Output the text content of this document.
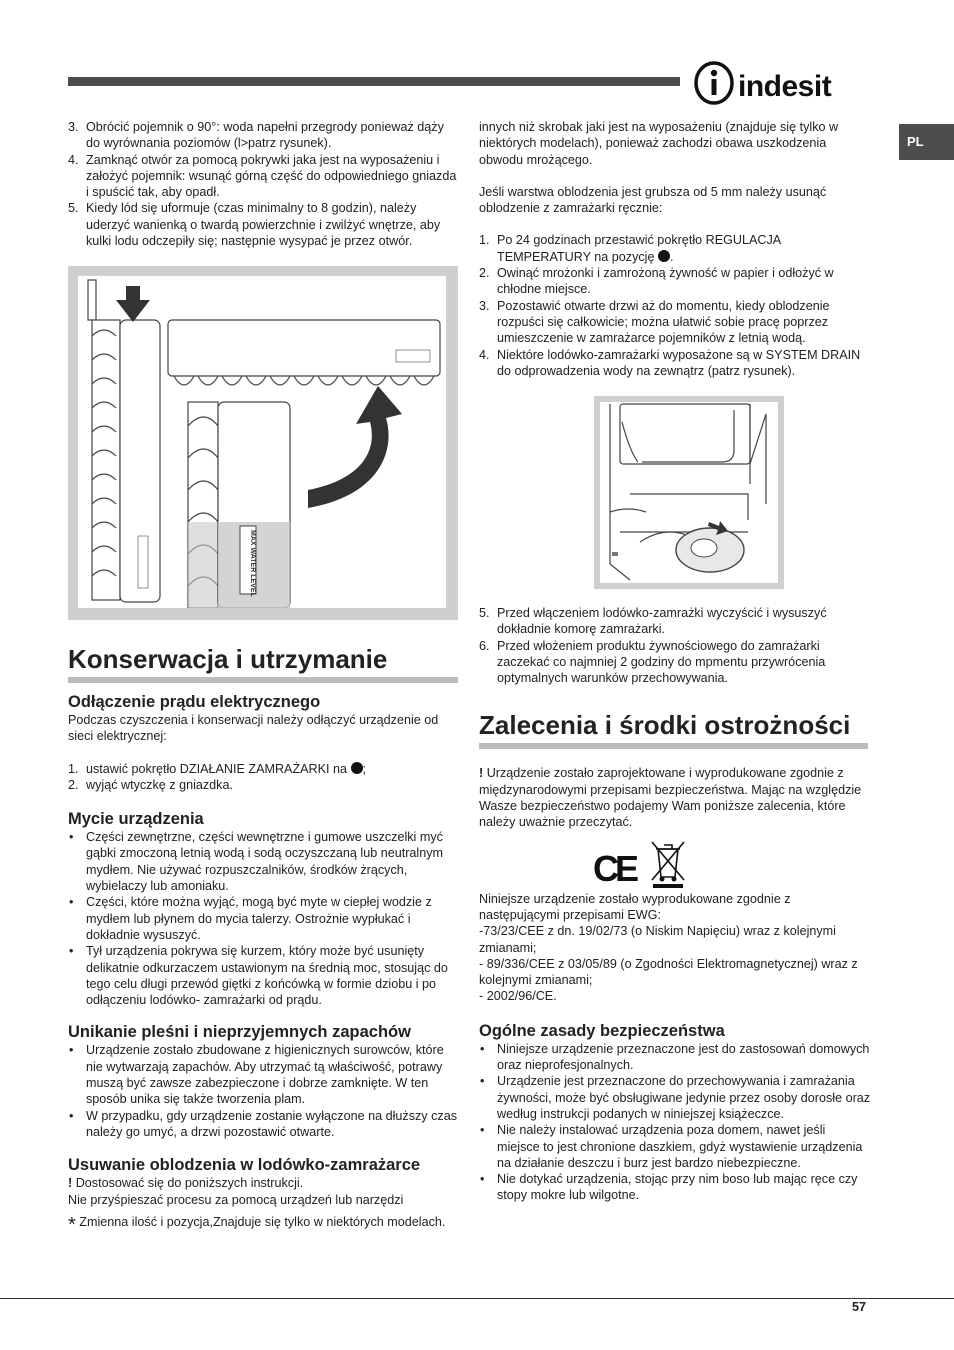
indesit
PL
3. Obrócić pojemnik o 90°: woda napełni przegrody ponieważ dąży do wyrównania poziomów (l>patrz rysunek).
4. Zamknąć otwór za pomocą pokrywki jaka jest na wyposażeniu i założyć pojemnik: wsunąć górną część do odpowiedniego gniazda i spuścić tak, aby opadł.
5. Kiedy lód się uformuje (czas minimalny to 8 godzin), należy uderzyć wanienką o twardą powierzchnie i zwilżyć wnętrze, aby kulki lodu odczepiły się; następnie wysypać je przez otwór.
MAX WATER LEVEL
Konserwacja i utrzymanie
Odłączenie prądu elektrycznego

Podczas czyszczenia i konserwacji należy odłączyć urządzenie od sieci elektrycznej:

1. ustawić pokrętło DZIAŁANIE ZAMRAŻARKI na ;
2. wyjąć wtyczkę z gniazdka.
Mycie urządzenia
• Części zewnętrzne, części wewnętrzne i gumowe uszczelki myć gąbki zmoczoną letnią wodą i sodą oczyszczaną lub neutralnym mydłem. Nie używać rozpuszczalników, środków żrących, wybielaczy lub amoniaku.
• Części, które można wyjąć, mogą być myte w ciepłej wodzie z mydłem lub płynem do mycia talerzy. Ostrożnie wypłukać i dokładnie wysuszyć.
• Tył urządzenia pokrywa się kurzem, który może być usunięty delikatnie odkurzaczem ustawionym na średnią moc, stosując do tego celu długi przewód giętki z końcówką w formie dziobu i po odłączeniu lodówko- zamrażarki od prądu.
Unikanie pleśni i nieprzyjemnych zapachów
• Urządzenie zostało zbudowane z higienicznych surowców, które nie wytwarzają zapachów. Aby utrzymać tą właściwość, potrawy muszą być zawsze zabezpieczone i dobrze zamknięte. W ten sposób unika się także tworzenia plam.
• W przypadku, gdy urządzenie zostanie wyłączone na dłuższy czas należy go umyć, a drzwi pozostawić otwarte.
Usuwanie oblodzenia w lodówko-zamrażarce

! Dostosować się do poniższych instrukcji.

Nie przyśpieszać procesu za pomocą urządzeń lub narzędzi

* Zmienna ilość i pozycja,Znajduje się tylko w niektórych modelach.

innych niż skrobak jaki jest na wyposażeniu (znajduje się tylko w niektórych modelach), ponieważ zachodzi obawa uszkodzenia obwodu mrożącego.

Jeśli warstwa oblodzenia jest grubsza od 5 mm należy usunąć oblodzenie z zamrażarki ręcznie:

1. Po 24 godzinach przestawić pokrętło REGULACJA TEMPERATURY na pozycję .
2. Owinąć mrożonki i zamrożoną żywność w papier i odłożyć w chłodne miejsce.
3. Pozostawić otwarte drzwi aż do momentu, kiedy oblodzenie rozpuści się całkowicie; można ułatwić sobie pracę poprzez umieszczenie w zamrażarce pojemników z letnią wodą.
4. Niektóre lodówko-zamrażarki wyposażone są w SYSTEM DRAIN do odprowadzenia wody na zewnątrz (patrz rysunek).
5. Przed włączeniem lodówko-zamrażki wyczyścić i wysuszyć dokładnie komorę zamrażarki.
6. Przed włożeniem produktu żywnościowego do zamrażarki zaczekać co najmniej 2 godziny do mpmentu przywrócenia optymalnych warunków przechowywania.
Zalecenia i środki ostrożności

! Urządzenie zostało zaprojektowane i wyprodukowane zgodnie z międzynarodowymi przepisami bezpieczeństwa. Mając na względzie Wasze bezpieczeństwo podajemy Wam poniższe zalecenia, które należy uważnie przeczytać.

CE

Niniejsze urządzenie zostało wyprodukowane zgodnie z następującymi przepisami EWG:

-73/23/CEE z dn. 19/02/73 (o Niskim Napięciu) wraz z kolejnymi zmianami;

- 89/336/CEE z 03/05/89 (o Zgodności Elektromagnetycznej) wraz z kolejnymi zmianami;

- 2002/96/CE.

Ogólne zasady bezpieczeństwa
• Niniejsze urządzenie przeznaczone jest do zastosowań domowych oraz nieprofesjonalnych.
• Urządzenie jest przeznaczone do przechowywania i zamrażania żywności, może być obsługiwane jedynie przez osoby dorosłe oraz według instrukcji podanych w niniejszej książeczce.
• Nie należy instalować urządzenia poza domem, nawet jeśli miejsce to jest chronione daszkiem, gdyż wystawienie urządzenia na działanie deszczu i burz jest bardzo niebezpieczne.
• Nie dotykać urządzenia, stojąc przy nim boso lub mając ręce czy stopy mokre lub wilgotne.
57
